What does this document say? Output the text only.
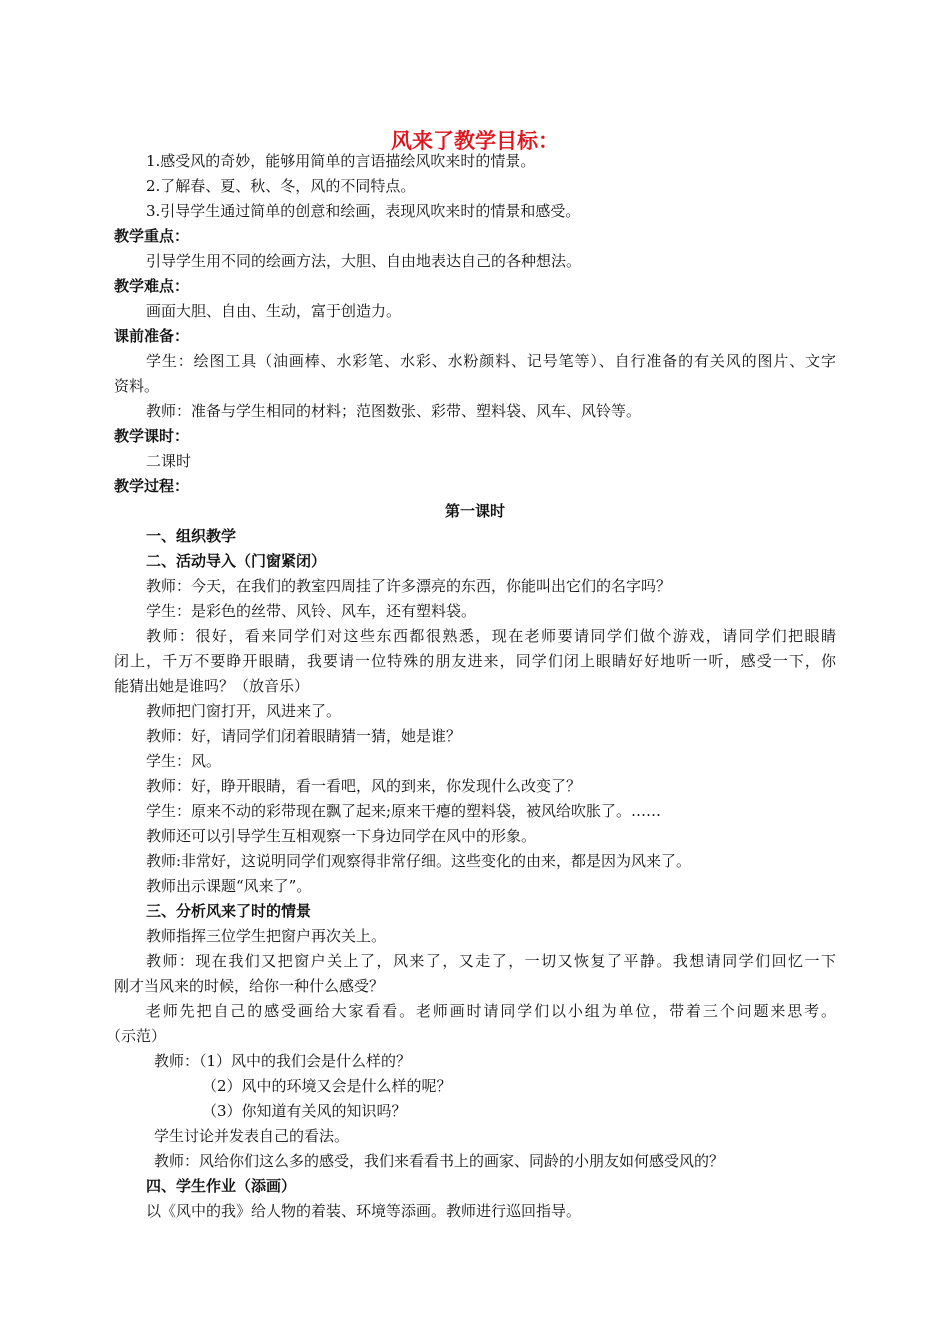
风来了教学目标：
1.感受风的奇妙，能够用简单的言语描绘风吹来时的情景。
2.了解春、夏、秋、冬，风的不同特点。
3.引导学生通过简单的创意和绘画，表现风吹来时的情景和感受。
教学重点：
引导学生用不同的绘画方法，大胆、自由地表达自己的各种想法。
教学难点：
画面大胆、自由、生动，富于创造力。
课前准备：
学生：绘图工具（油画棒、水彩笔、水彩、水粉颜料、记号笔等）、自行准备的有关风的图片、文字
资料。
教师：准备与学生相同的材料；范图数张、彩带、塑料袋、风车、风铃等。
教学课时：
二课时
教学过程：
第一课时
一、组织教学
二、活动导入（门窗紧闭）
教师：今天，在我们的教室四周挂了许多漂亮的东西，你能叫出它们的名字吗？
学生：是彩色的丝带、风铃、风车，还有塑料袋。
教师：很好，看来同学们对这些东西都很熟悉，现在老师要请同学们做个游戏，请同学们把眼睛
闭上，千万不要睁开眼睛，我要请一位特殊的朋友进来，同学们闭上眼睛好好地听一听，感受一下，你
能猜出她是谁吗？（放音乐）
教师把门窗打开，风进来了。
教师：好，请同学们闭着眼睛猜一猜，她是谁？
学生：风。
教师：好，睁开眼睛，看一看吧，风的到来，你发现什么改变了？
学生：原来不动的彩带现在飘了起来;原来干瘪的塑料袋，被风给吹胀了。……
教师还可以引导学生互相观察一下身边同学在风中的形象。
教师:非常好，这说明同学们观察得非常仔细。这些变化的由来，都是因为风来了。
教师出示课题“风来了”。
三、分析风来了时的情景
教师指挥三位学生把窗户再次关上。
教师：现在我们又把窗户关上了，风来了，又走了，一切又恢复了平静。我想请同学们回忆一下
刚才当风来的时候，给你一种什么感受？
老师先把自己的感受画给大家看看。老师画时请同学们以小组为单位，带着三个问题来思考。
（示范）
教师：（1）风中的我们会是什么样的？
（2）风中的环境又会是什么样的呢？
（3）你知道有关风的知识吗？
学生讨论并发表自己的看法。
教师：风给你们这么多的感受，我们来看看书上的画家、同龄的小朋友如何感受风的？
四、学生作业（添画）
以《风中的我》给人物的着装、环境等添画。教师进行巡回指导。
